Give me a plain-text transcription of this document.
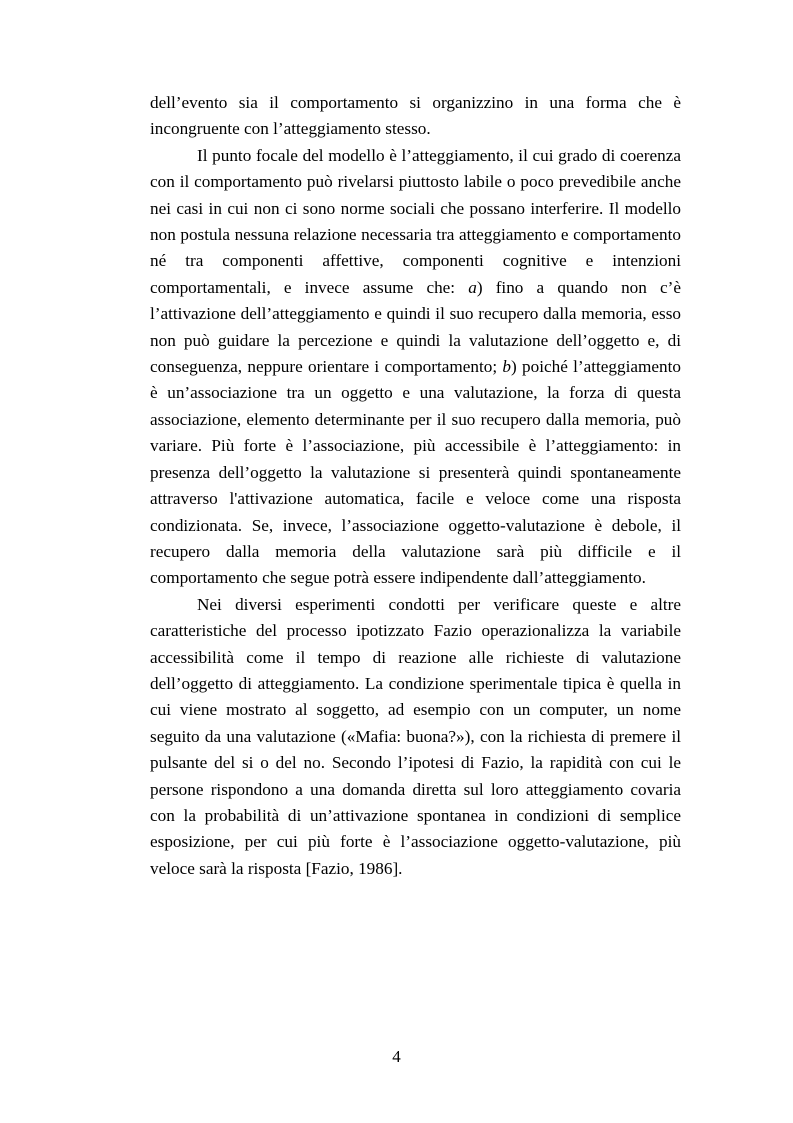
dell’evento sia il comportamento si organizzino in una forma che è incongruente con l’atteggiamento stesso.

Il punto focale del modello è l’atteggiamento, il cui grado di coerenza con il comportamento può rivelarsi piuttosto labile o poco prevedibile anche nei casi in cui non ci sono norme sociali che possano interferire. Il modello non postula nessuna relazione necessaria tra atteggiamento e comportamento né tra componenti affettive, componenti cognitive e intenzioni comportamentali, e invece assume che: a) fino a quando non c’è l’attivazione dell’atteggiamento e quindi il suo recupero dalla memoria, esso non può guidare la percezione e quindi la valutazione dell’oggetto e, di conseguenza, neppure orientare i comportamento; b) poiché l’atteggiamento è un’associazione tra un oggetto e una valutazione, la forza di questa associazione, elemento determinante per il suo recupero dalla memoria, può variare. Più forte è l’associazione, più accessibile è l’atteggiamento: in presenza dell’oggetto la valutazione si presenterà quindi spontaneamente attraverso l'attivazione automatica, facile e veloce come una risposta condizionata. Se, invece, l’associazione oggetto-valutazione è debole, il recupero dalla memoria della valutazione sarà più difficile e il comportamento che segue potrà essere indipendente dall’atteggiamento.

Nei diversi esperimenti condotti per verificare queste e altre caratteristiche del processo ipotizzato Fazio operazionalizza la variabile accessibilità come il tempo di reazione alle richieste di valutazione dell’oggetto di atteggiamento. La condizione sperimentale tipica è quella in cui viene mostrato al soggetto, ad esempio con un computer, un nome seguito da una valutazione («Mafia: buona?»), con la richiesta di premere il pulsante del si o del no. Secondo l’ipotesi di Fazio, la rapidità con cui le persone rispondono a una domanda diretta sul loro atteggiamento covaria con la probabilità di un’attivazione spontanea in condizioni di semplice esposizione, per cui più forte è l’associazione oggetto-valutazione, più veloce sarà la risposta [Fazio, 1986].

4
